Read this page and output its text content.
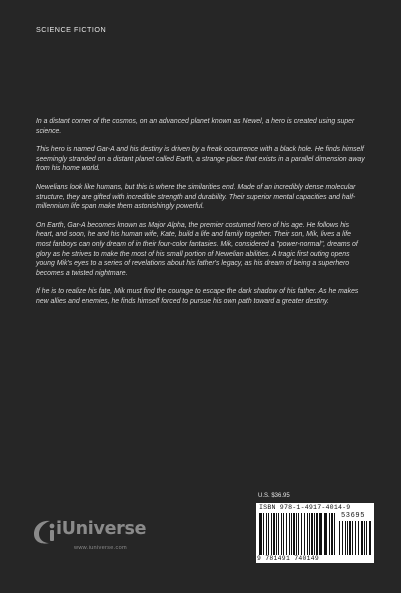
SCIENCE FICTION

In a distant corner of the cosmos, on an advanced planet known as Newel, a hero is created using super science.

This hero is named Gar-A and his destiny is driven by a freak occurrence with a black hole. He finds himself seemingly stranded on a distant planet called Earth, a strange place that exists in a parallel dimension away from his home world.

Newelians look like humans, but this is where the similarities end. Made of an incredibly dense molecular structure, they are gifted with incredible strength and durability. Their superior mental capacities and half-millennium life span make them astonishingly powerful.

On Earth, Gar-A becomes known as Major Alpha, the premier costumed hero of his age. He follows his heart, and soon, he and his human wife, Kate, build a life and family together. Their son, Mik, lives a life most fanboys can only dream of in their four-color fantasies. Mik, considered a "power-normal", dreams of glory as he strives to make the most of his small portion of Newelian abilities. A tragic first outing opens young Mik's eyes to a series of revelations about his father's legacy, as his dream of being a superhero becomes a twisted nightmare.

If he is to realize his fate, Mik must find the courage to escape the dark shadow of his father. As he makes new allies and enemies, he finds himself forced to pursue his own path toward a greater destiny.

iUniverse
www.iuniverse.com
U.S. $36.95
ISBN 978-1-4917-4014-9
53695
9 781491 740149
